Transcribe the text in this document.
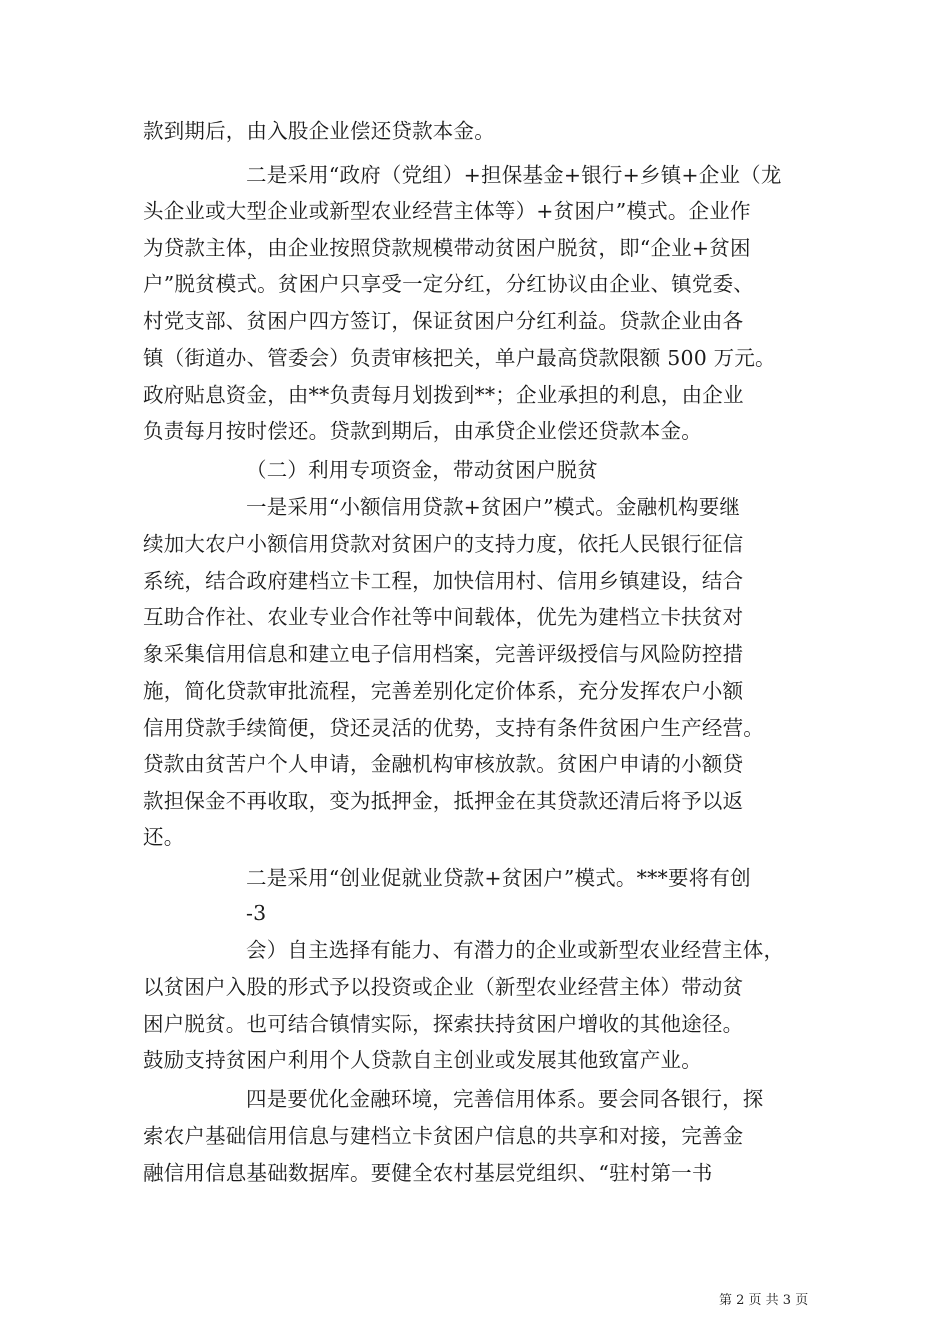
款到期后，由入股企业偿还贷款本金。
二是采用“政府（党组）+担保基金+银行+乡镇+企业（龙
头企业或大型企业或新型农业经营主体等）+贫困户”模式。企业作
为贷款主体，由企业按照贷款规模带动贫困户脱贫，即“企业+贫困
户”脱贫模式。贫困户只享受一定分红，分红协议由企业、镇党委、
村党支部、贫困户四方签订，保证贫困户分红利益。贷款企业由各
镇（街道办、管委会）负责审核把关，单户最高贷款限额 500 万元。
政府贴息资金，由**负责每月划拨到**；企业承担的利息，由企业
负责每月按时偿还。贷款到期后，由承贷企业偿还贷款本金。
（二）利用专项资金，带动贫困户脱贫
一是采用“小额信用贷款+贫困户”模式。金融机构要继
续加大农户小额信用贷款对贫困户的支持力度，依托人民银行征信
系统，结合政府建档立卡工程，加快信用村、信用乡镇建设，结合
互助合作社、农业专业合作社等中间载体，优先为建档立卡扶贫对
象采集信用信息和建立电子信用档案，完善评级授信与风险防控措
施，简化贷款审批流程，完善差别化定价体系，充分发挥农户小额
信用贷款手续简便，贷还灵活的优势，支持有条件贫困户生产经营。
贷款由贫苦户个人申请，金融机构审核放款。贫困户申请的小额贷
款担保金不再收取，变为抵押金，抵押金在其贷款还清后将予以返
还。
二是采用“创业促就业贷款+贫困户”模式。***要将有创
-3
会）自主选择有能力、有潜力的企业或新型农业经营主体，
以贫困户入股的形式予以投资或企业（新型农业经营主体）带动贫
困户脱贫。也可结合镇情实际，探索扶持贫困户增收的其他途径。
鼓励支持贫困户利用个人贷款自主创业或发展其他致富产业。
四是要优化金融环境，完善信用体系。要会同各银行，探
索农户基础信用信息与建档立卡贫困户信息的共享和对接，完善金
融信用信息基础数据库。要健全农村基层党组织、“驻村第一书
第 2 页 共 3 页
